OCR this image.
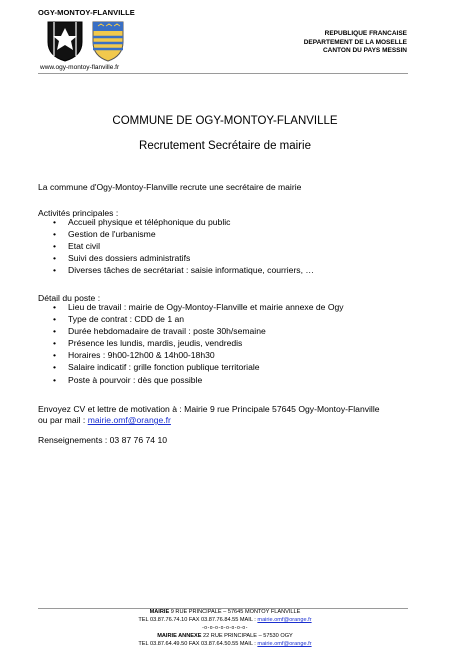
OGY-MONTOY-FLANVILLE
www.ogy-montoy-flanville.fr
REPUBLIQUE FRANCAISE
DEPARTEMENT DE LA MOSELLE
CANTON DU PAYS MESSIN
COMMUNE DE OGY-MONTOY-FLANVILLE
Recrutement Secrétaire de mairie
La commune d'Ogy-Montoy-Flanville recrute une secrétaire de mairie
Activités principales :
• Accueil physique et téléphonique du public
• Gestion de l'urbanisme
• Etat civil
• Suivi des dossiers administratifs
• Diverses tâches de secrétariat : saisie informatique, courriers, …
Détail du poste :
• Lieu de travail : mairie de Ogy-Montoy-Flanville et mairie annexe de Ogy
• Type de contrat : CDD de 1 an
• Durée hebdomadaire de travail : poste 30h/semaine
• Présence les lundis, mardis, jeudis, vendredis
• Horaires : 9h00-12h00 & 14h00-18h30
• Salaire indicatif : grille fonction publique territoriale
• Poste à pourvoir : dès que possible
Envoyez CV et lettre de motivation à : Mairie 9 rue Principale 57645 Ogy-Montoy-Flanville
ou par mail : mairie.omf@orange.fr
Renseignements : 03 87 76 74 10
MAIRIE 9 RUE PRINCIPALE – 57645 MONTOY FLANVILLE
TEL 03.87.76.74.10 FAX 03.87.76.84.55 MAIL : mairie.omf@orange.fr
-o-o-o-o-o-o-o-o-
MAIRIE ANNEXE 22 RUE PRINCIPALE – 57530 OGY
TEL 03.87.64.49.50 FAX 03.87.64.50.55 MAIL : mairie.omf@orange.fr
